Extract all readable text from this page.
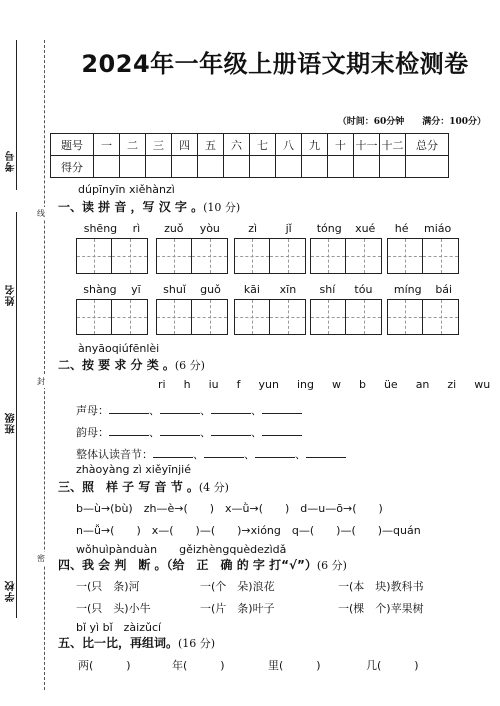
考号
姓名
班级
学校
线
封
密
2024年一年级上册语文期末检测卷
（时间：60分钟　　满分：100分）
题号	一	二	三	四	五	六	七	八	九	十	十一	十二	总分
得分													
dúpīnyīn xiěhànzì
一、读 拼 音 ，写 汉 字 。(10 分)
shēng rì zuǒ yòu	zì	jǐ tóng xué hé miáo
shàng yī shuǐ guǒ kāi xīn shí tóu míng bái
ànyāoqiúfēnlèi
二、按 要 求 分 类 。(6 分)
ri h iu f yun ing w b üe an zi wu
声母：	、	、	、
韵母：	、	、	、
整体认读音节：	、	、	、
zhàoyàng zì xiěyīnjié
三、照　样 子 写 音 节 。(4 分)
b—ù→(bù)　zh—è→(　　)　x—ǜ→(　　)　d—u—ō→(　　)
n—ǚ→(　　)　x—(　　)—(　　)→xióng　q—(　　)—(　　)—quán
wǒhuìpànduàn　　gěizhèngquèdezìdǎ
四、我 会 判　断 。（给　正　确 的 字 打“√”）(6 分)
一(只　条)河	一(个　朵)浪花	一(本　块)教科书
一(只　头)小牛	一(片　条)叶子	一(棵　个)苹果树
bǐ yì bǐ　zàizǔcí
五、比一比，再组词。(16 分)
两(　　　)	年(　　　)	里(　　　)	几(　　　)
